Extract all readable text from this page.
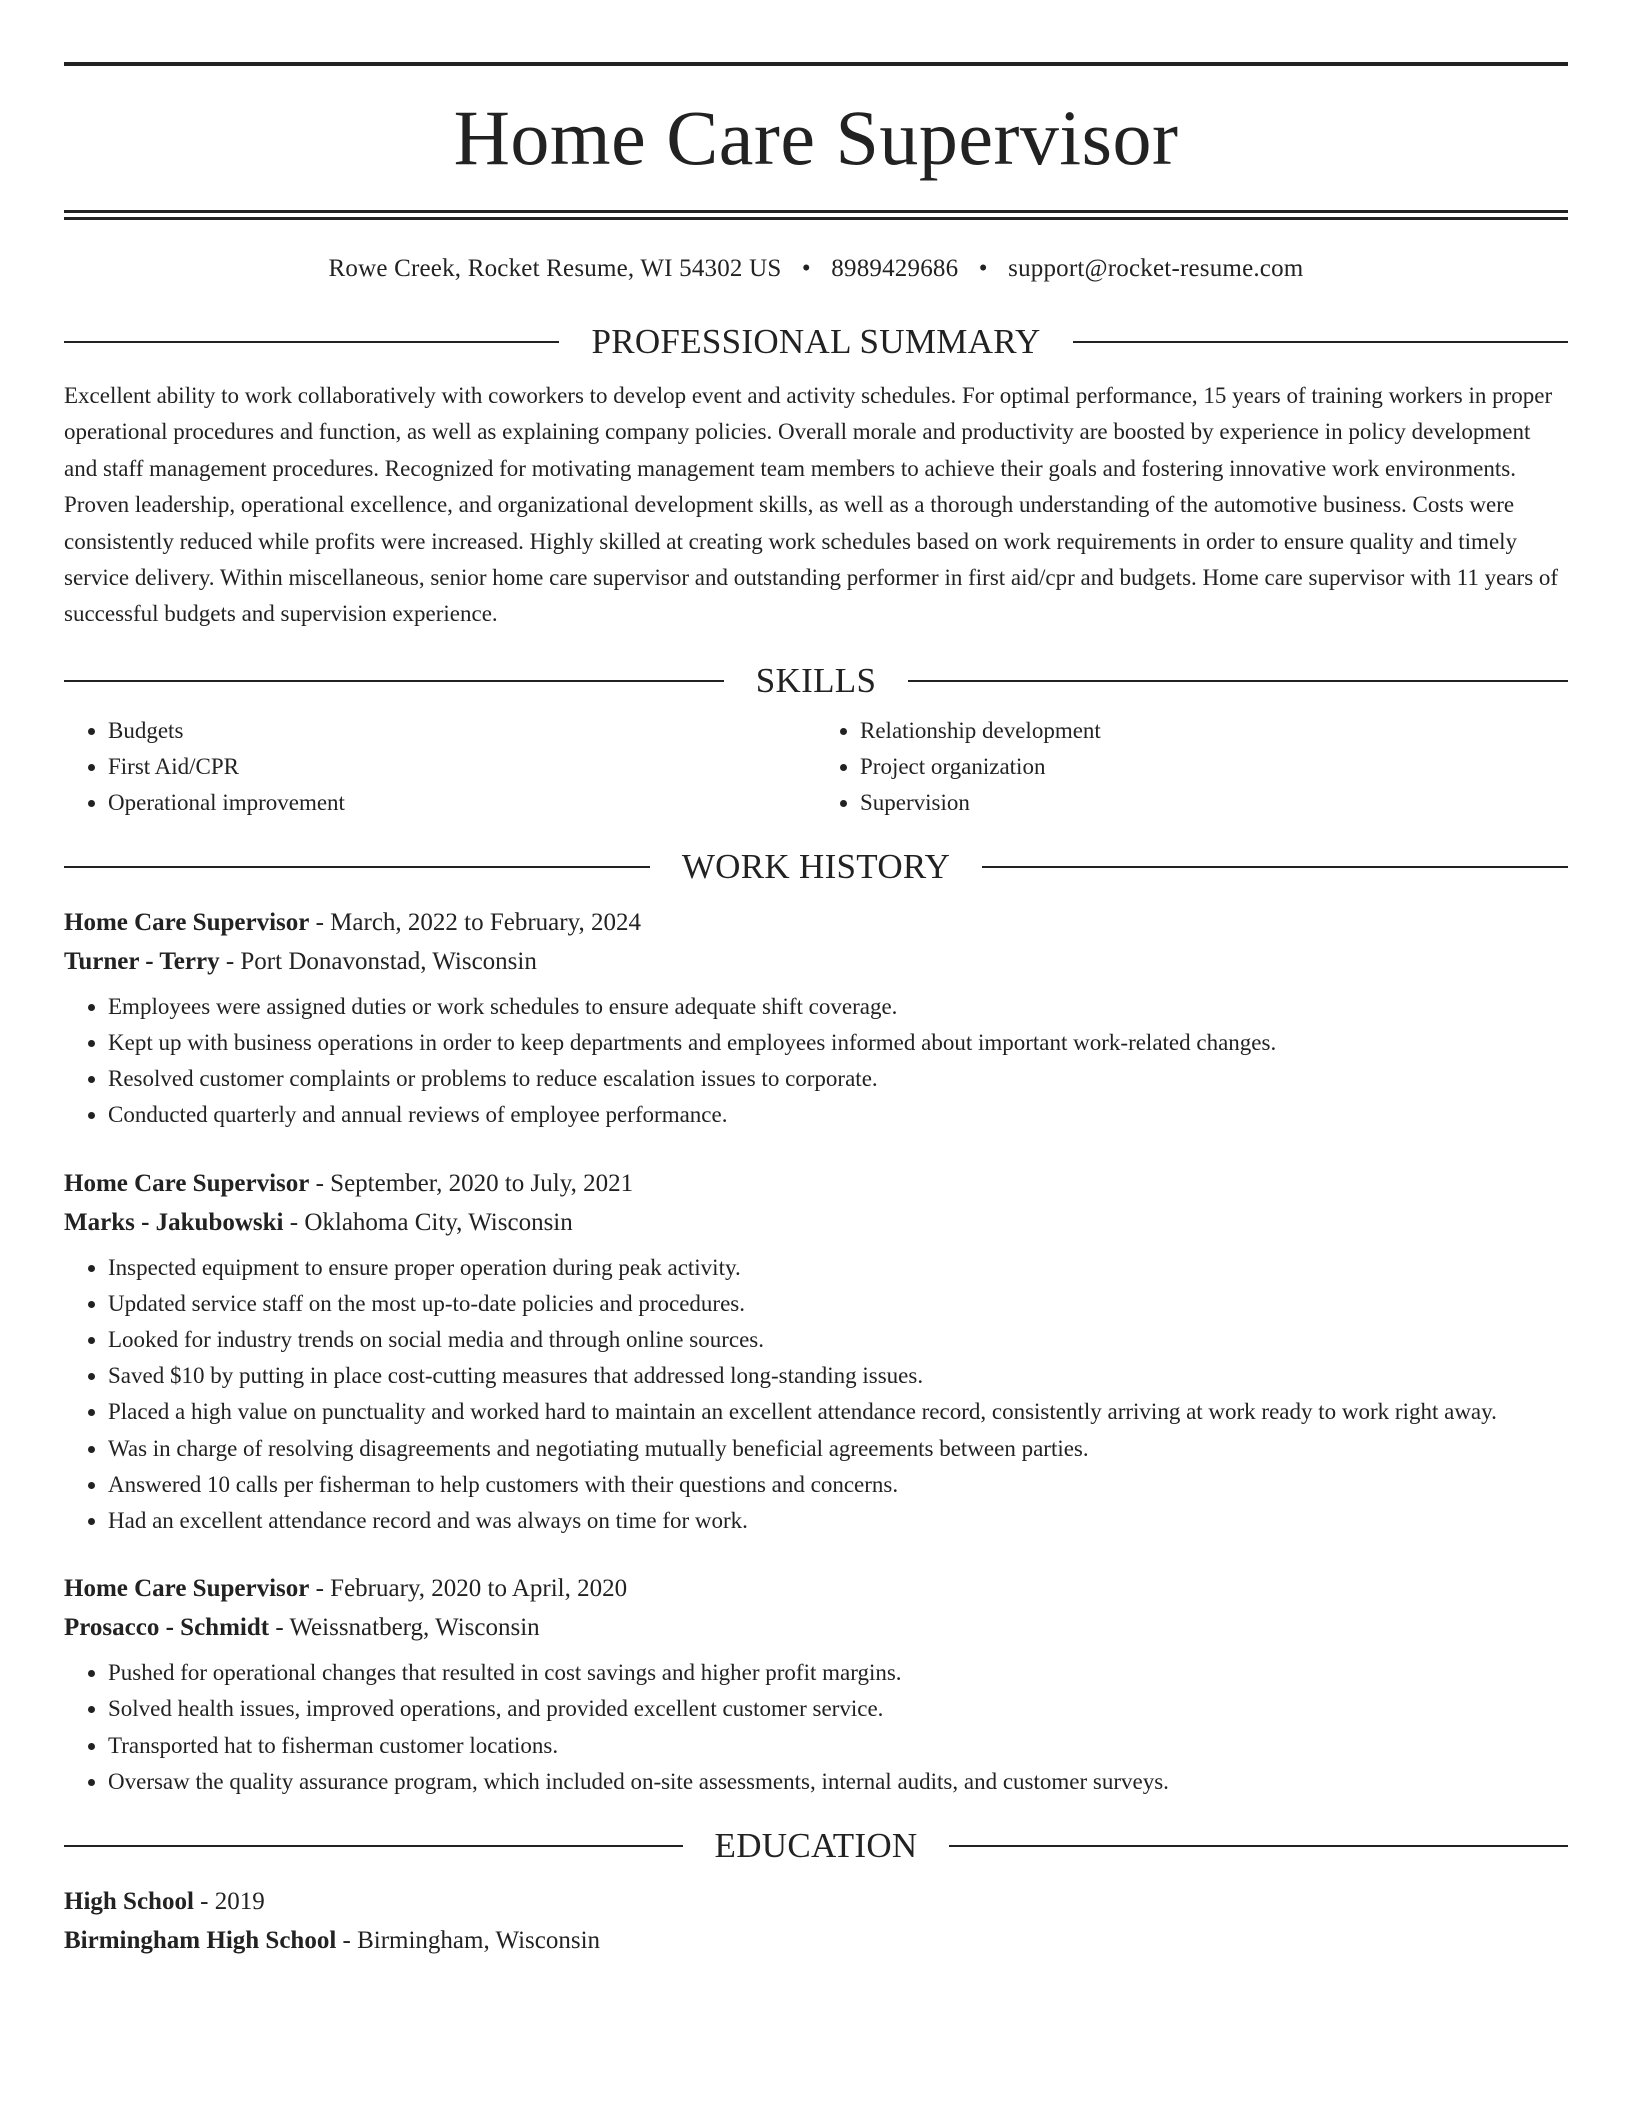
Home Care Supervisor
Rowe Creek, Rocket Resume, WI 54302 US • 8989429686 • support@rocket-resume.com
PROFESSIONAL SUMMARY
Excellent ability to work collaboratively with coworkers to develop event and activity schedules. For optimal performance, 15 years of training workers in proper operational procedures and function, as well as explaining company policies. Overall morale and productivity are boosted by experience in policy development and staff management procedures. Recognized for motivating management team members to achieve their goals and fostering innovative work environments. Proven leadership, operational excellence, and organizational development skills, as well as a thorough understanding of the automotive business. Costs were consistently reduced while profits were increased. Highly skilled at creating work schedules based on work requirements in order to ensure quality and timely service delivery. Within miscellaneous, senior home care supervisor and outstanding performer in first aid/cpr and budgets. Home care supervisor with 11 years of successful budgets and supervision experience.
SKILLS
• Budgets
• First Aid/CPR
• Operational improvement
• Relationship development
• Project organization
• Supervision
WORK HISTORY
Home Care Supervisor - March, 2022 to February, 2024
Turner - Terry - Port Donavonstad, Wisconsin
• Employees were assigned duties or work schedules to ensure adequate shift coverage.
• Kept up with business operations in order to keep departments and employees informed about important work-related changes.
• Resolved customer complaints or problems to reduce escalation issues to corporate.
• Conducted quarterly and annual reviews of employee performance.
Home Care Supervisor - September, 2020 to July, 2021
Marks - Jakubowski - Oklahoma City, Wisconsin
• Inspected equipment to ensure proper operation during peak activity.
• Updated service staff on the most up-to-date policies and procedures.
• Looked for industry trends on social media and through online sources.
• Saved $10 by putting in place cost-cutting measures that addressed long-standing issues.
• Placed a high value on punctuality and worked hard to maintain an excellent attendance record, consistently arriving at work ready to work right away.
• Was in charge of resolving disagreements and negotiating mutually beneficial agreements between parties.
• Answered 10 calls per fisherman to help customers with their questions and concerns.
• Had an excellent attendance record and was always on time for work.
Home Care Supervisor - February, 2020 to April, 2020
Prosacco - Schmidt - Weissnatberg, Wisconsin
• Pushed for operational changes that resulted in cost savings and higher profit margins.
• Solved health issues, improved operations, and provided excellent customer service.
• Transported hat to fisherman customer locations.
• Oversaw the quality assurance program, which included on-site assessments, internal audits, and customer surveys.
EDUCATION
High School - 2019
Birmingham High School - Birmingham, Wisconsin
